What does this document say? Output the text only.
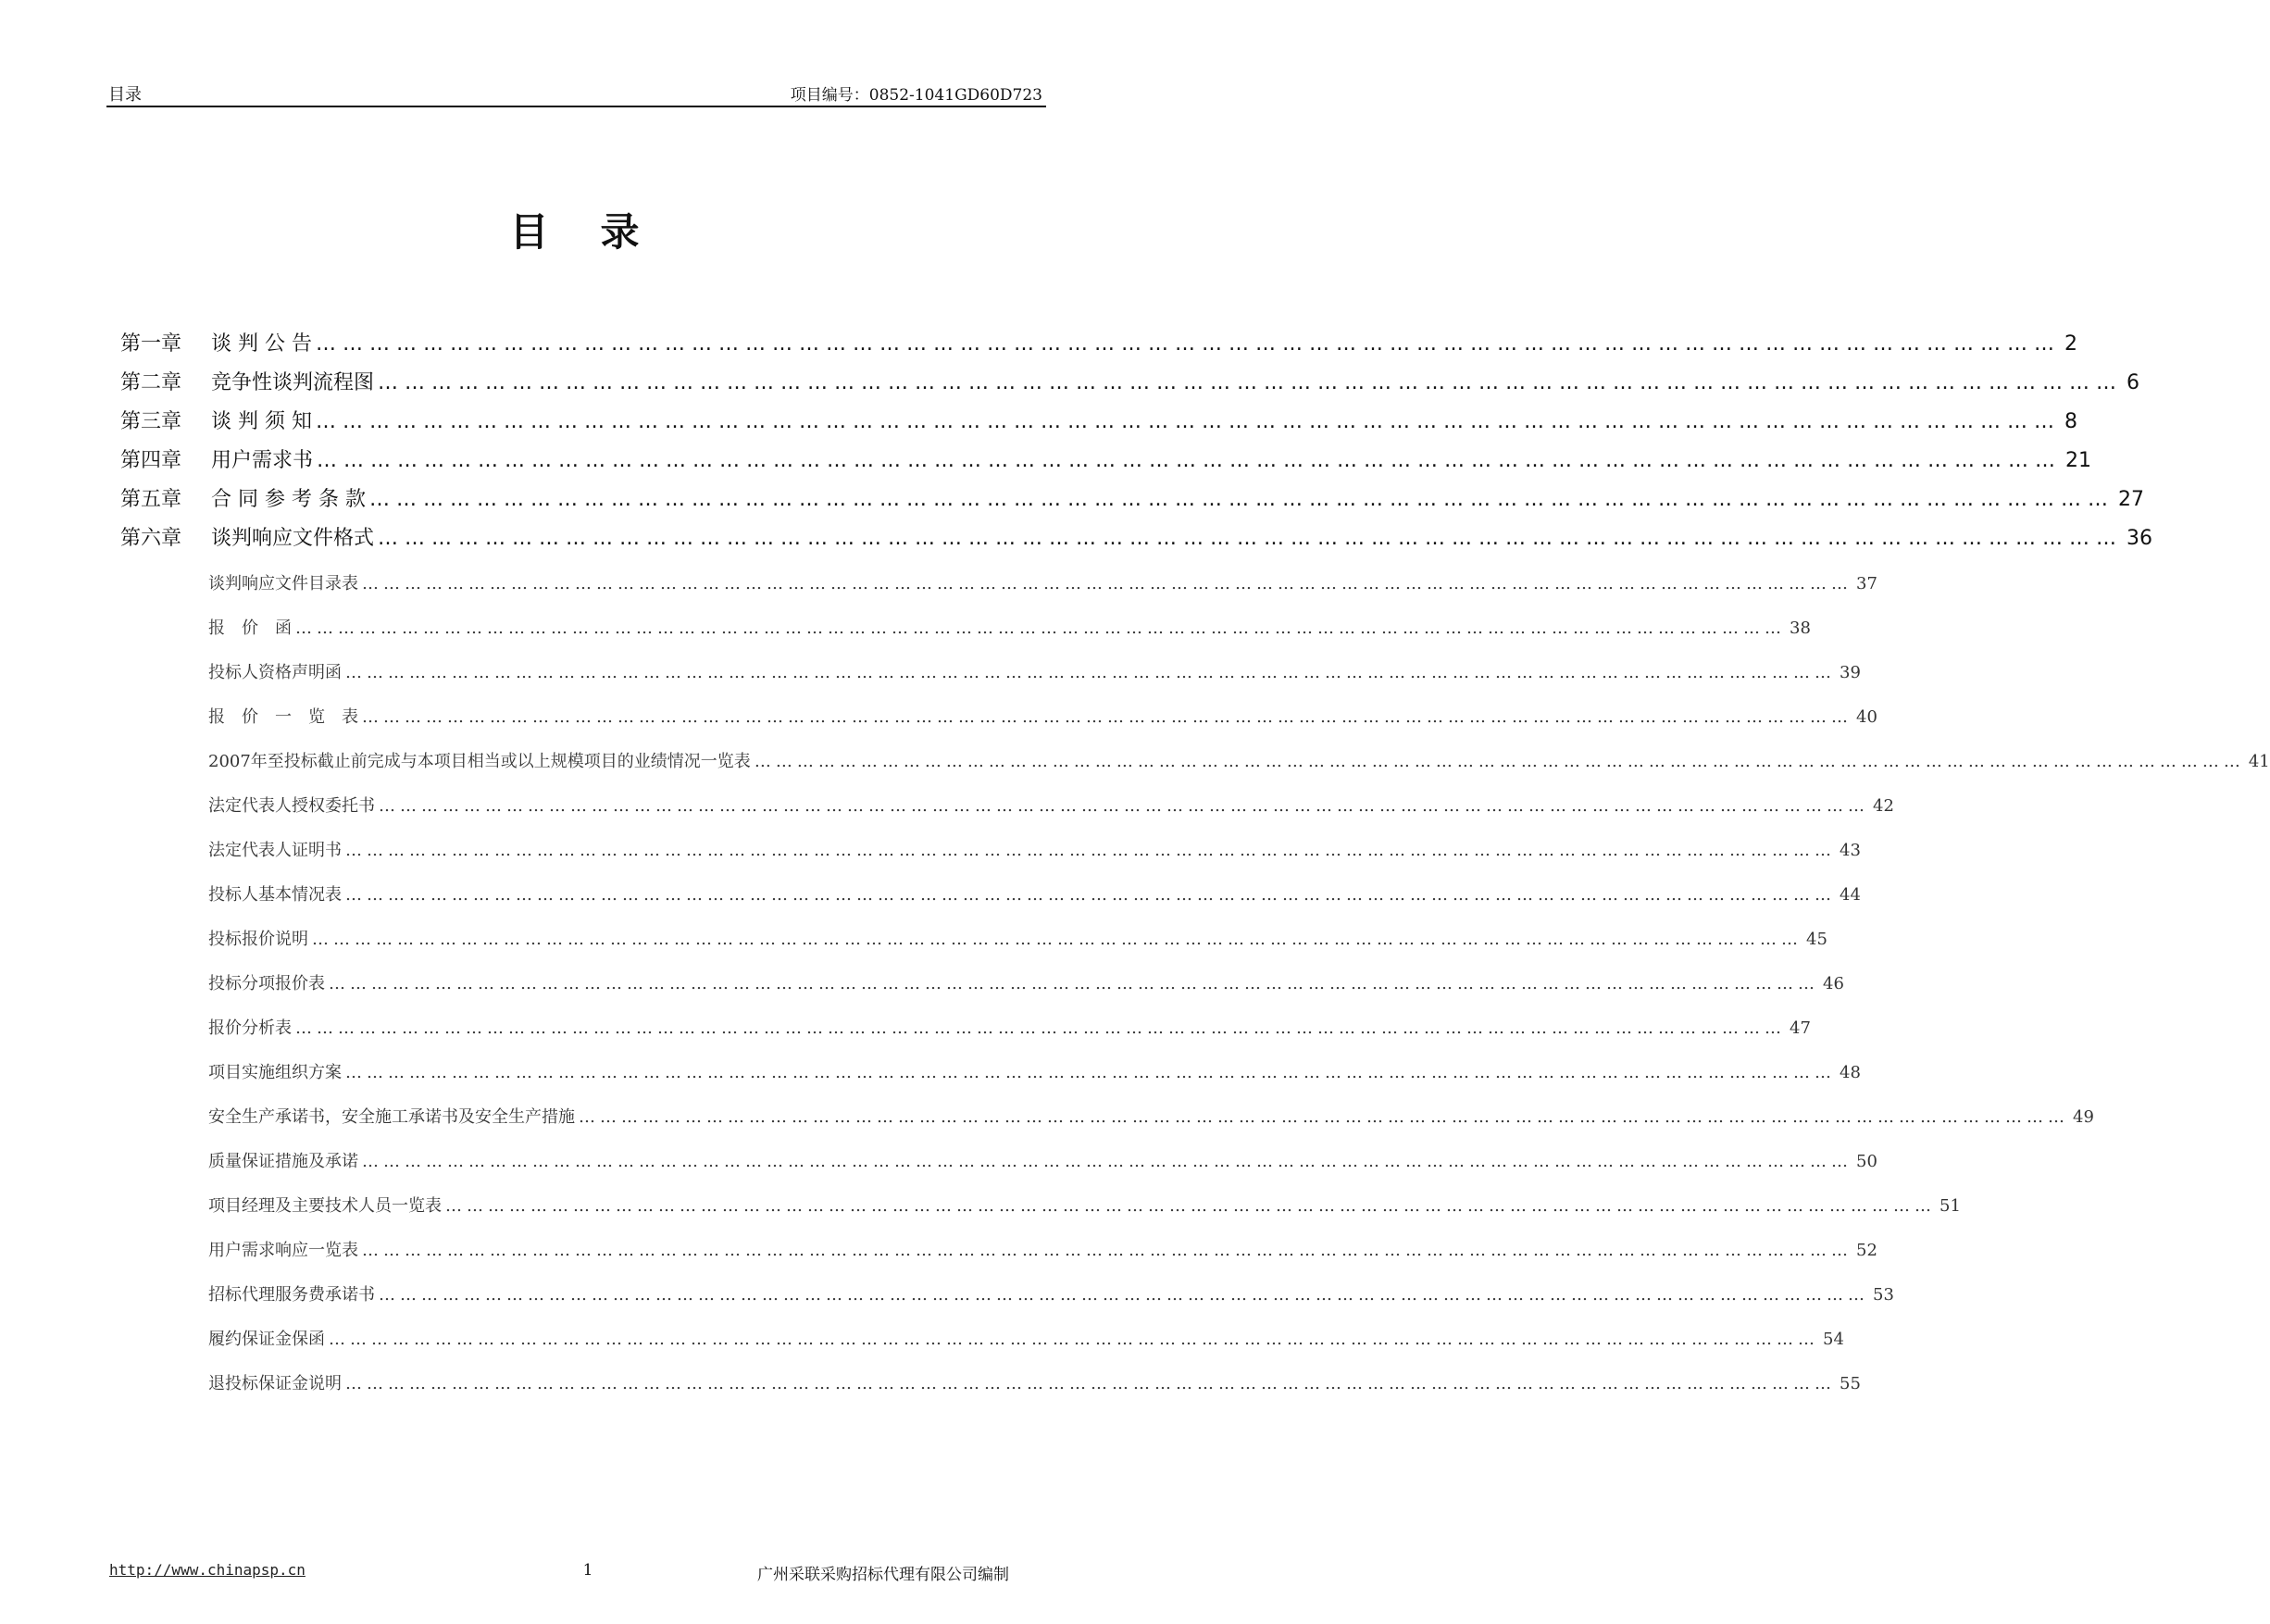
目录	项目编号：0852-1041GD60D723
目录
第一章	谈 判 公 告 …………………………………………………………………………………………………………………………………………………………………………… 2
第二章	竞争性谈判流程图 …………………………………………………………………………………………………………………………………………………………………………… 6
第三章	谈 判 须 知 …………………………………………………………………………………………………………………………………………………………………………… 8
第四章	用户需求书 …………………………………………………………………………………………………………………………………………………………………………… 21
第五章	合 同 参 考 条 款 …………………………………………………………………………………………………………………………………………………………………………… 27
第六章	谈判响应文件格式 …………………………………………………………………………………………………………………………………………………………………………… 36
谈判响应文件目录表 ………………………………………………………………………………………………………………………………………………………………………………………… 37
报　价　函 ………………………………………………………………………………………………………………………………………………………………………………………… 38
投标人资格声明函 ………………………………………………………………………………………………………………………………………………………………………………………… 39
报　价　一　览　表 ………………………………………………………………………………………………………………………………………………………………………………………… 40
2007年至投标截止前完成与本项目相当或以上规模项目的业绩情况一览表 ………………………………………………………………………………………………………………………………………………………………………………………… 41
法定代表人授权委托书 ………………………………………………………………………………………………………………………………………………………………………………………… 42
法定代表人证明书 ………………………………………………………………………………………………………………………………………………………………………………………… 43
投标人基本情况表 ………………………………………………………………………………………………………………………………………………………………………………………… 44
投标报价说明 ………………………………………………………………………………………………………………………………………………………………………………………… 45
投标分项报价表 ………………………………………………………………………………………………………………………………………………………………………………………… 46
报价分析表 ………………………………………………………………………………………………………………………………………………………………………………………… 47
项目实施组织方案 ………………………………………………………………………………………………………………………………………………………………………………………… 48
安全生产承诺书，安全施工承诺书及安全生产措施 ………………………………………………………………………………………………………………………………………………………………………………………… 49
质量保证措施及承诺 ………………………………………………………………………………………………………………………………………………………………………………………… 50
项目经理及主要技术人员一览表 ………………………………………………………………………………………………………………………………………………………………………………………… 51
用户需求响应一览表 ………………………………………………………………………………………………………………………………………………………………………………………… 52
招标代理服务费承诺书 ………………………………………………………………………………………………………………………………………………………………………………………… 53
履约保证金保函 ………………………………………………………………………………………………………………………………………………………………………………………… 54
退投标保证金说明 ………………………………………………………………………………………………………………………………………………………………………………………… 55
http://www.chinapsp.cn	1	广州采联采购招标代理有限公司编制
